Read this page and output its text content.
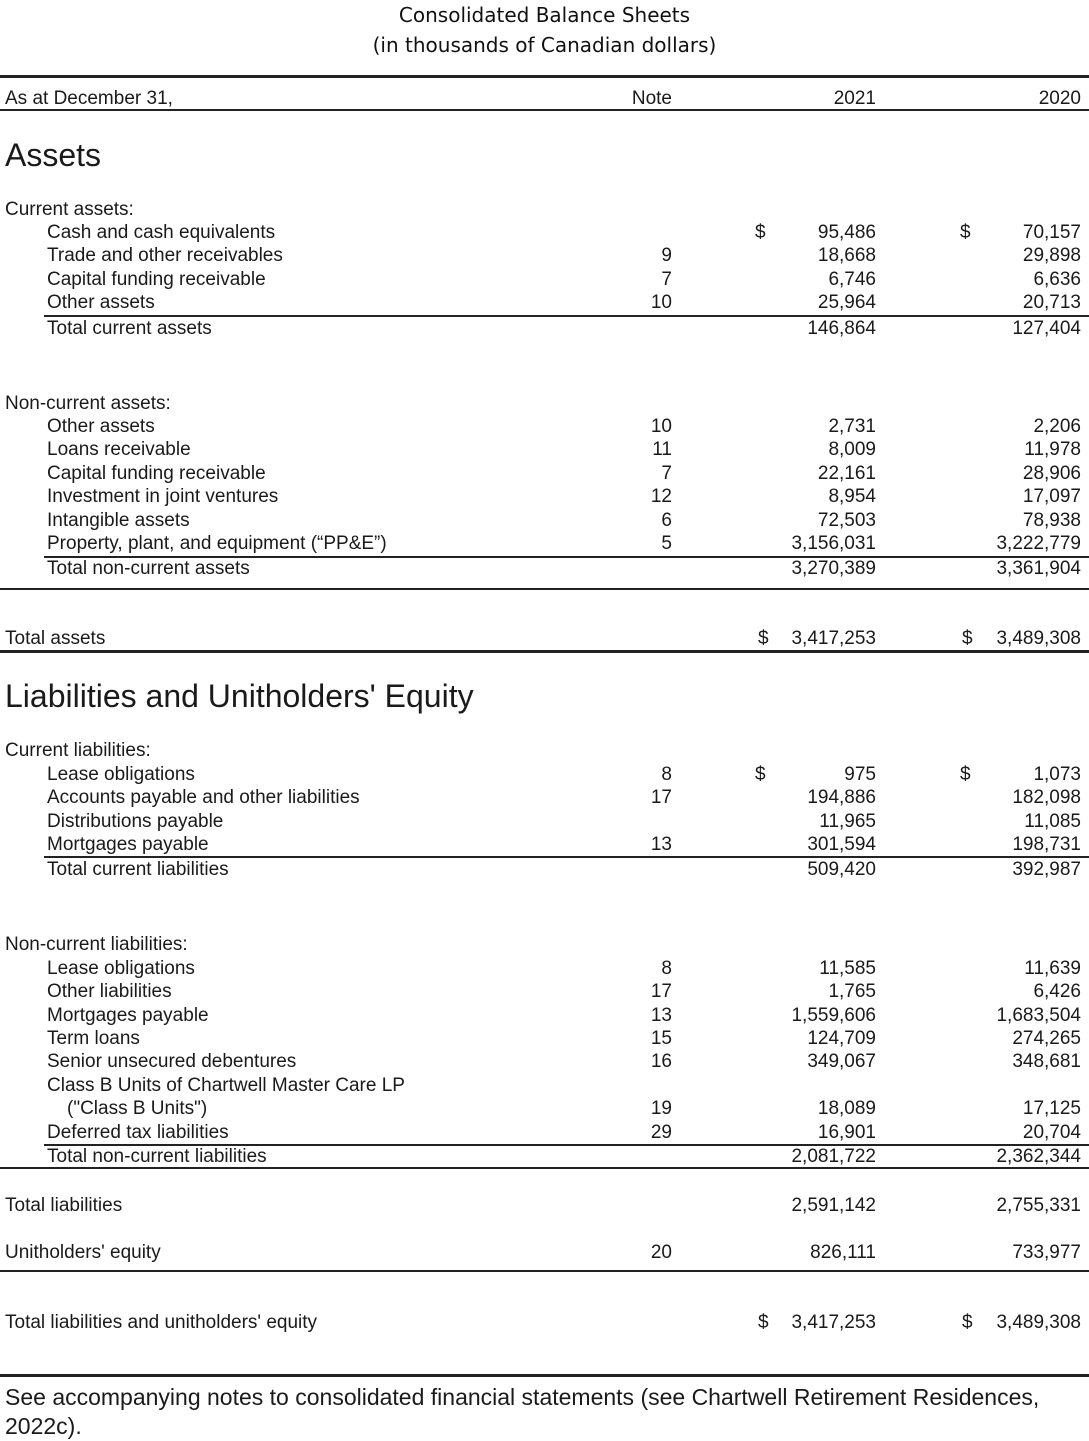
Consolidated Balance Sheets
(in thousands of Canadian dollars)
As at December 31,	Note	2021	2020
Assets
Current assets:
Cash and cash equivalents	$	95,486	$	70,157
Trade and other receivables	9	18,668	29,898
Capital funding receivable	7	6,746	6,636
Other assets	10	25,964	20,713
Total current assets	146,864	127,404
Non-current assets:
Other assets	10	2,731	2,206
Loans receivable	11	8,009	11,978
Capital funding receivable	7	22,161	28,906
Investment in joint ventures	12	8,954	17,097
Intangible assets	6	72,503	78,938
Property, plant, and equipment (“PP&E”)	5	3,156,031	3,222,779
Total non-current assets	3,270,389	3,361,904
Total assets	$	3,417,253	$	3,489,308
Liabilities and Unitholders' Equity
Current liabilities:
Lease obligations	8	$	975	$	1,073
Accounts payable and other liabilities	17	194,886	182,098
Distributions payable	11,965	11,085
Mortgages payable	13	301,594	198,731
Total current liabilities	509,420	392,987
Non-current liabilities:
Lease obligations	8	11,585	11,639
Other liabilities	17	1,765	6,426
Mortgages payable	13	1,559,606	1,683,504
Term loans	15	124,709	274,265
Senior unsecured debentures	16	349,067	348,681
Class B Units of Chartwell Master Care LP
("Class B Units")	19	18,089	17,125
Deferred tax liabilities	29	16,901	20,704
Total non-current liabilities	2,081,722	2,362,344
Total liabilities	2,591,142	2,755,331
Unitholders' equity	20	826,111	733,977
Total liabilities and unitholders' equity	$	3,417,253	$	3,489,308
See accompanying notes to consolidated financial statements (see Chartwell Retirement Residences, 2022c).
